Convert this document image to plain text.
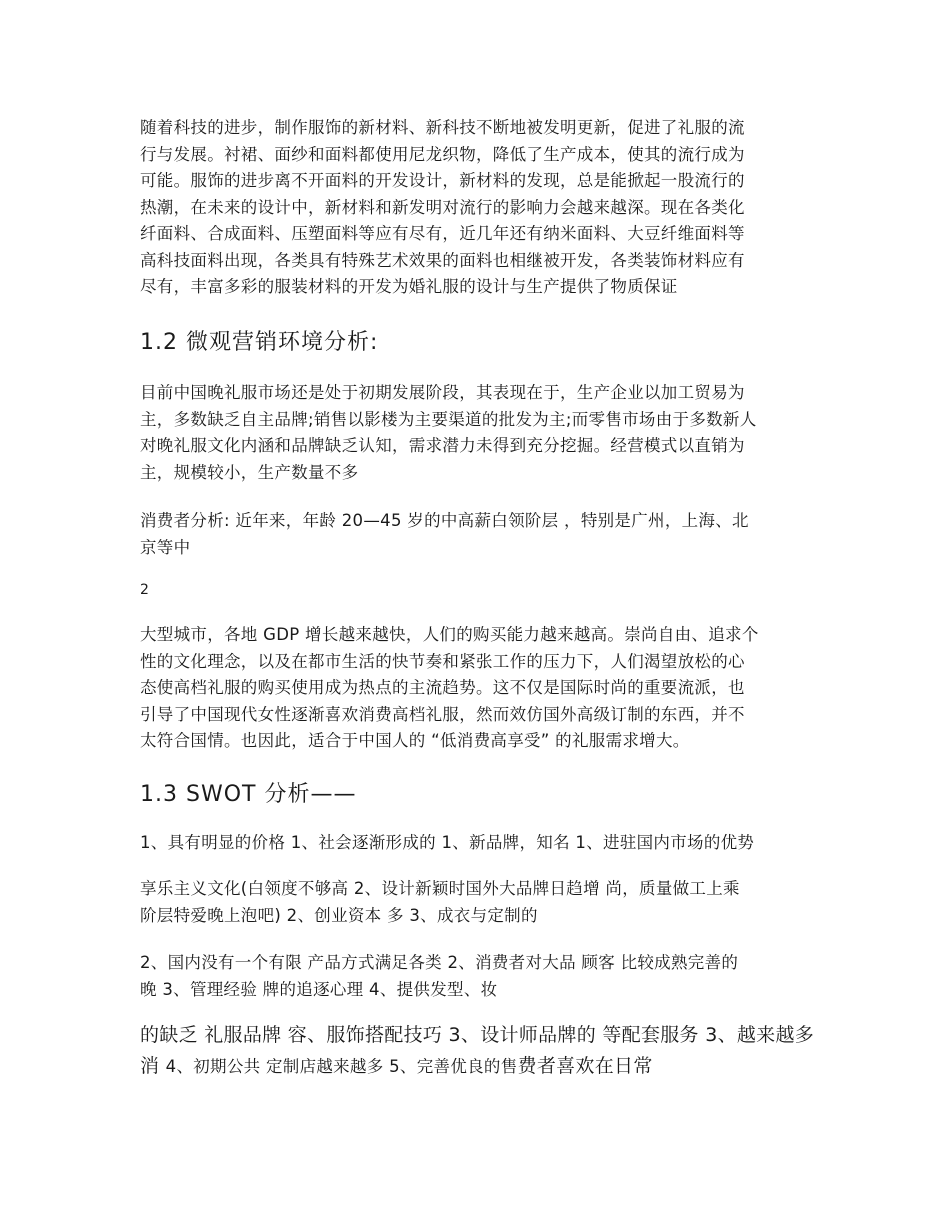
随着科技的进步，制作服饰的新材料、新科技不断地被发明更新，促进了礼服的流
行与发展。衬裙、面纱和面料都使用尼龙织物，降低了生产成本，使其的流行成为
可能。服饰的进步离不开面料的开发设计，新材料的发现，总是能掀起一股流行的
热潮，在未来的设计中，新材料和新发明对流行的影响力会越来越深。现在各类化
纤面料、合成面料、压塑面料等应有尽有，近几年还有纳米面料、大豆纤维面料等
高科技面料出现，各类具有特殊艺术效果的面料也相继被开发，各类装饰材料应有
尽有，丰富多彩的服装材料的开发为婚礼服的设计与生产提供了物质保证

1.2 微观营销环境分析:

目前中国晚礼服市场还是处于初期发展阶段，其表现在于，生产企业以加工贸易为
主，多数缺乏自主品牌;销售以影楼为主要渠道的批发为主;而零售市场由于多数新人
对晚礼服文化内涵和品牌缺乏认知，需求潜力未得到充分挖掘。经营模式以直销为
主，规模较小，生产数量不多

消费者分析: 近年来，年龄 20—45 岁的中高薪白领阶层 ，特别是广州，上海、北
京等中

2

大型城市，各地 GDP 增长越来越快，人们的购买能力越来越高。崇尚自由、追求个
性的文化理念，以及在都市生活的快节奏和紧张工作的压力下，人们渴望放松的心
态使高档礼服的购买使用成为热点的主流趋势。这不仅是国际时尚的重要流派，也
引导了中国现代女性逐渐喜欢消费高档礼服，然而效仿国外高级订制的东西，并不
太符合国情。也因此，适合于中国人的 “低消费高享受” 的礼服需求增大。

1.3 SWOT 分析——

1、具有明显的价格 1、社会逐渐形成的 1、新品牌，知名 1、进驻国内市场的优势

享乐主义文化(白领度不够高 2、设计新颖时国外大品牌日趋增 尚，质量做工上乘
阶层特爱晚上泡吧) 2、创业资本 多 3、成衣与定制的

2、国内没有一个有限 产品方式满足各类 2、消费者对大品 顾客 比较成熟完善的
晚 3、管理经验 牌的追逐心理 4、提供发型、妆

的缺乏 礼服品牌 容、服饰搭配技巧 3、设计师品牌的 等配套服务 3、越来越多
消 4、初期公共 定制店越来越多 5、完善优良的售费者喜欢在日常
